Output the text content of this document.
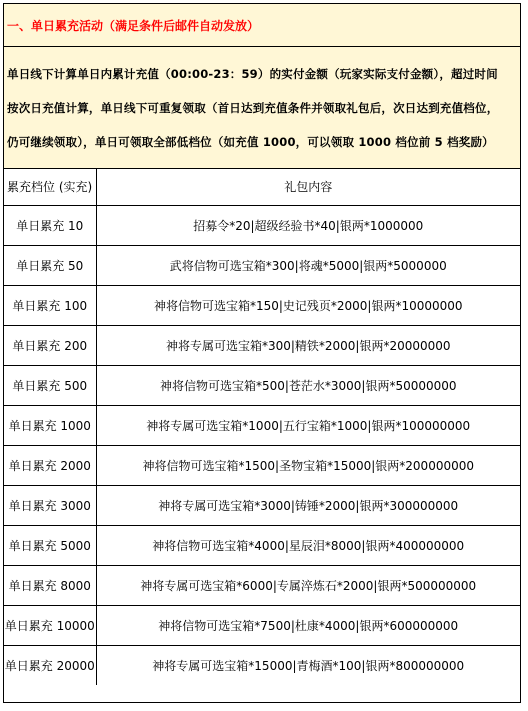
一、单日累充活动（满足条件后邮件自动发放）

单日线下计算单日内累计充值（00:00-23：59）的实付金额（玩家实际支付金额），超过时间

按次日充值计算，单日线下可重复领取（首日达到充值条件并领取礼包后，次日达到充值档位，

仍可继续领取），单日可领取全部低档位（如充值 1000，可以领取 1000 档位前 5 档奖励）

累充档位 (实充)	礼包内容
单日累充 10	招募令*20|超级经验书*40|银两*1000000
单日累充 50	武将信物可选宝箱*300|将魂*5000|银两*5000000
单日累充 100	神将信物可选宝箱*150|史记残页*2000|银两*10000000
单日累充 200	神将专属可选宝箱*300|精铁*2000|银两*20000000
单日累充 500	神将信物可选宝箱*500|苍茫水*3000|银两*50000000
单日累充 1000	神将专属可选宝箱*1000|五行宝箱*1000|银两*100000000
单日累充 2000	神将信物可选宝箱*1500|圣物宝箱*15000|银两*200000000
单日累充 3000	神将专属可选宝箱*3000|铸锤*2000|银两*300000000
单日累充 5000	神将信物可选宝箱*4000|星辰泪*8000|银两*400000000
单日累充 8000	神将专属可选宝箱*6000|专属淬炼石*2000|银两*500000000
单日累充 10000	神将信物可选宝箱*7500|杜康*4000|银两*600000000
单日累充 20000	神将专属可选宝箱*15000|青梅酒*100|银两*800000000
